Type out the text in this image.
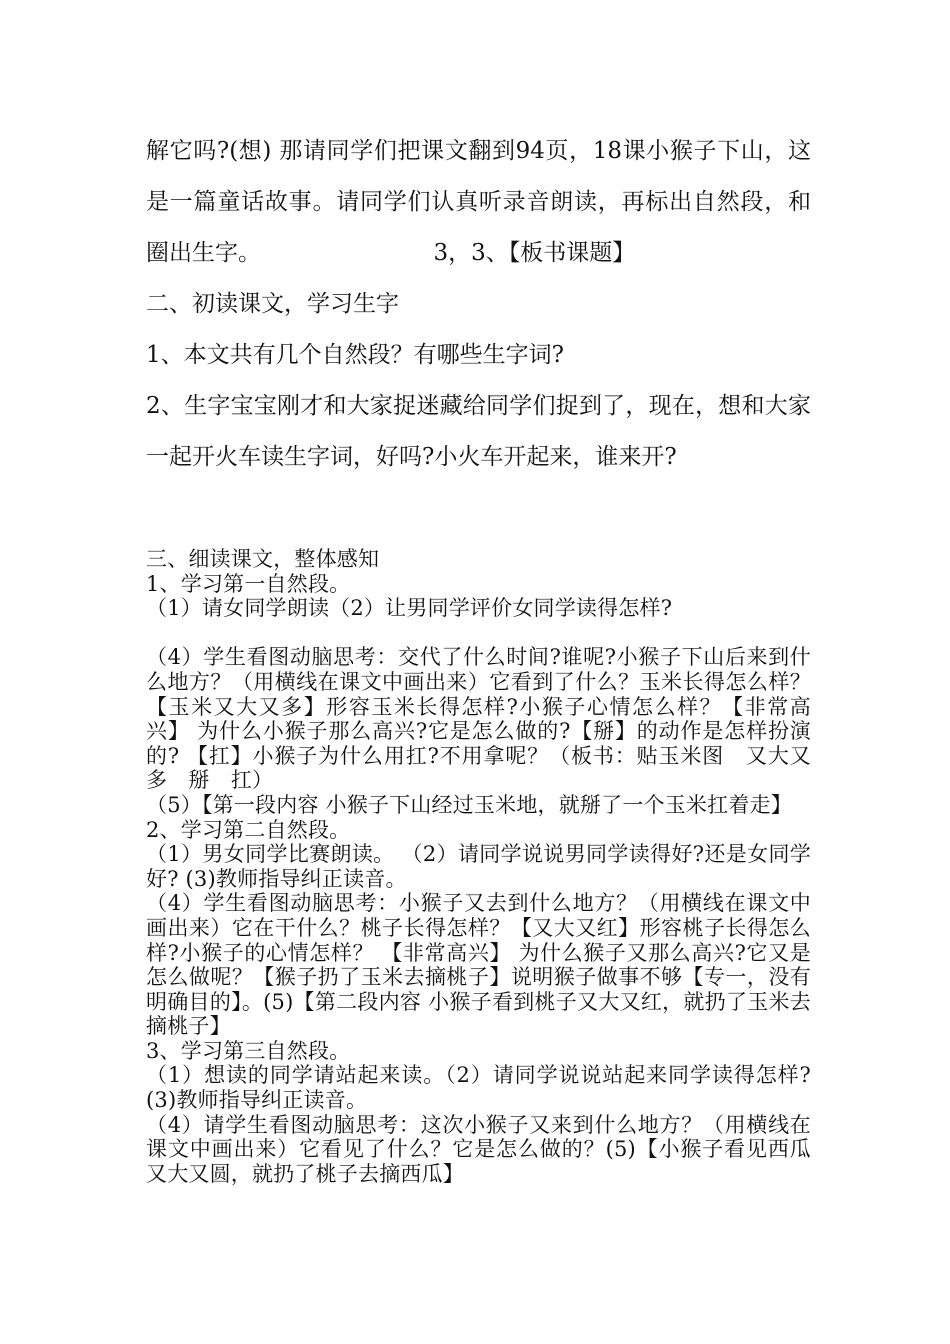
解它吗?(想) 那请同学们把课文翻到94页，18课小猴子下山，这是一篇童话故事。请同学们认真听录音朗读，再标出自然段，和圈出生字。　　　　　　　　3，3、【板书课题】

二、初读课文，学习生字

1、本文共有几个自然段？有哪些生字词?

2、生字宝宝刚才和大家捉迷藏给同学们捉到了，现在，想和大家一起开火车读生字词，好吗?小火车开起来，谁来开?

三、细读课文，整体感知

1、学习第一自然段。

（1）请女同学朗读（2）让男同学评价女同学读得怎样?

（4）学生看图动脑思考：交代了什么时间?谁呢?小猴子下山后来到什么地方？（用横线在课文中画出来）它看到了什么？玉米长得怎么样？ 【玉米又大又多】形容玉米长得怎样?小猴子心情怎么样？【非常高兴】 为什么小猴子那么高兴?它是怎么做的?【掰】的动作是怎样扮演的? 【扛】小猴子为什么用扛?不用拿呢？（板书：贴玉米图　又大又多　掰　扛）

（5）【第一段内容 小猴子下山经过玉米地，就掰了一个玉米扛着走】

2、学习第二自然段。

（1）男女同学比赛朗读。 （2）请同学说说男同学读得好?还是女同学好? (3)教师指导纠正读音。

（4）学生看图动脑思考：小猴子又去到什么地方？（用横线在课文中画出来）它在干什么？桃子长得怎样？【又大又红】形容桃子长得怎么样?小猴子的心情怎样？ 【非常高兴】 为什么猴子又那么高兴?它又是怎么做呢？【猴子扔了玉米去摘桃子】说明猴子做事不够【专一，没有明确目的】。(5)【第二段内容 小猴子看到桃子又大又红，就扔了玉米去摘桃子】

3、学习第三自然段。

（1）想读的同学请站起来读。（2）请同学说说站起来同学读得怎样?(3)教师指导纠正读音。

（4）请学生看图动脑思考：这次小猴子又来到什么地方？（用横线在课文中画出来）它看见了什么？它是怎么做的？(5)【小猴子看见西瓜又大又圆，就扔了桃子去摘西瓜】
